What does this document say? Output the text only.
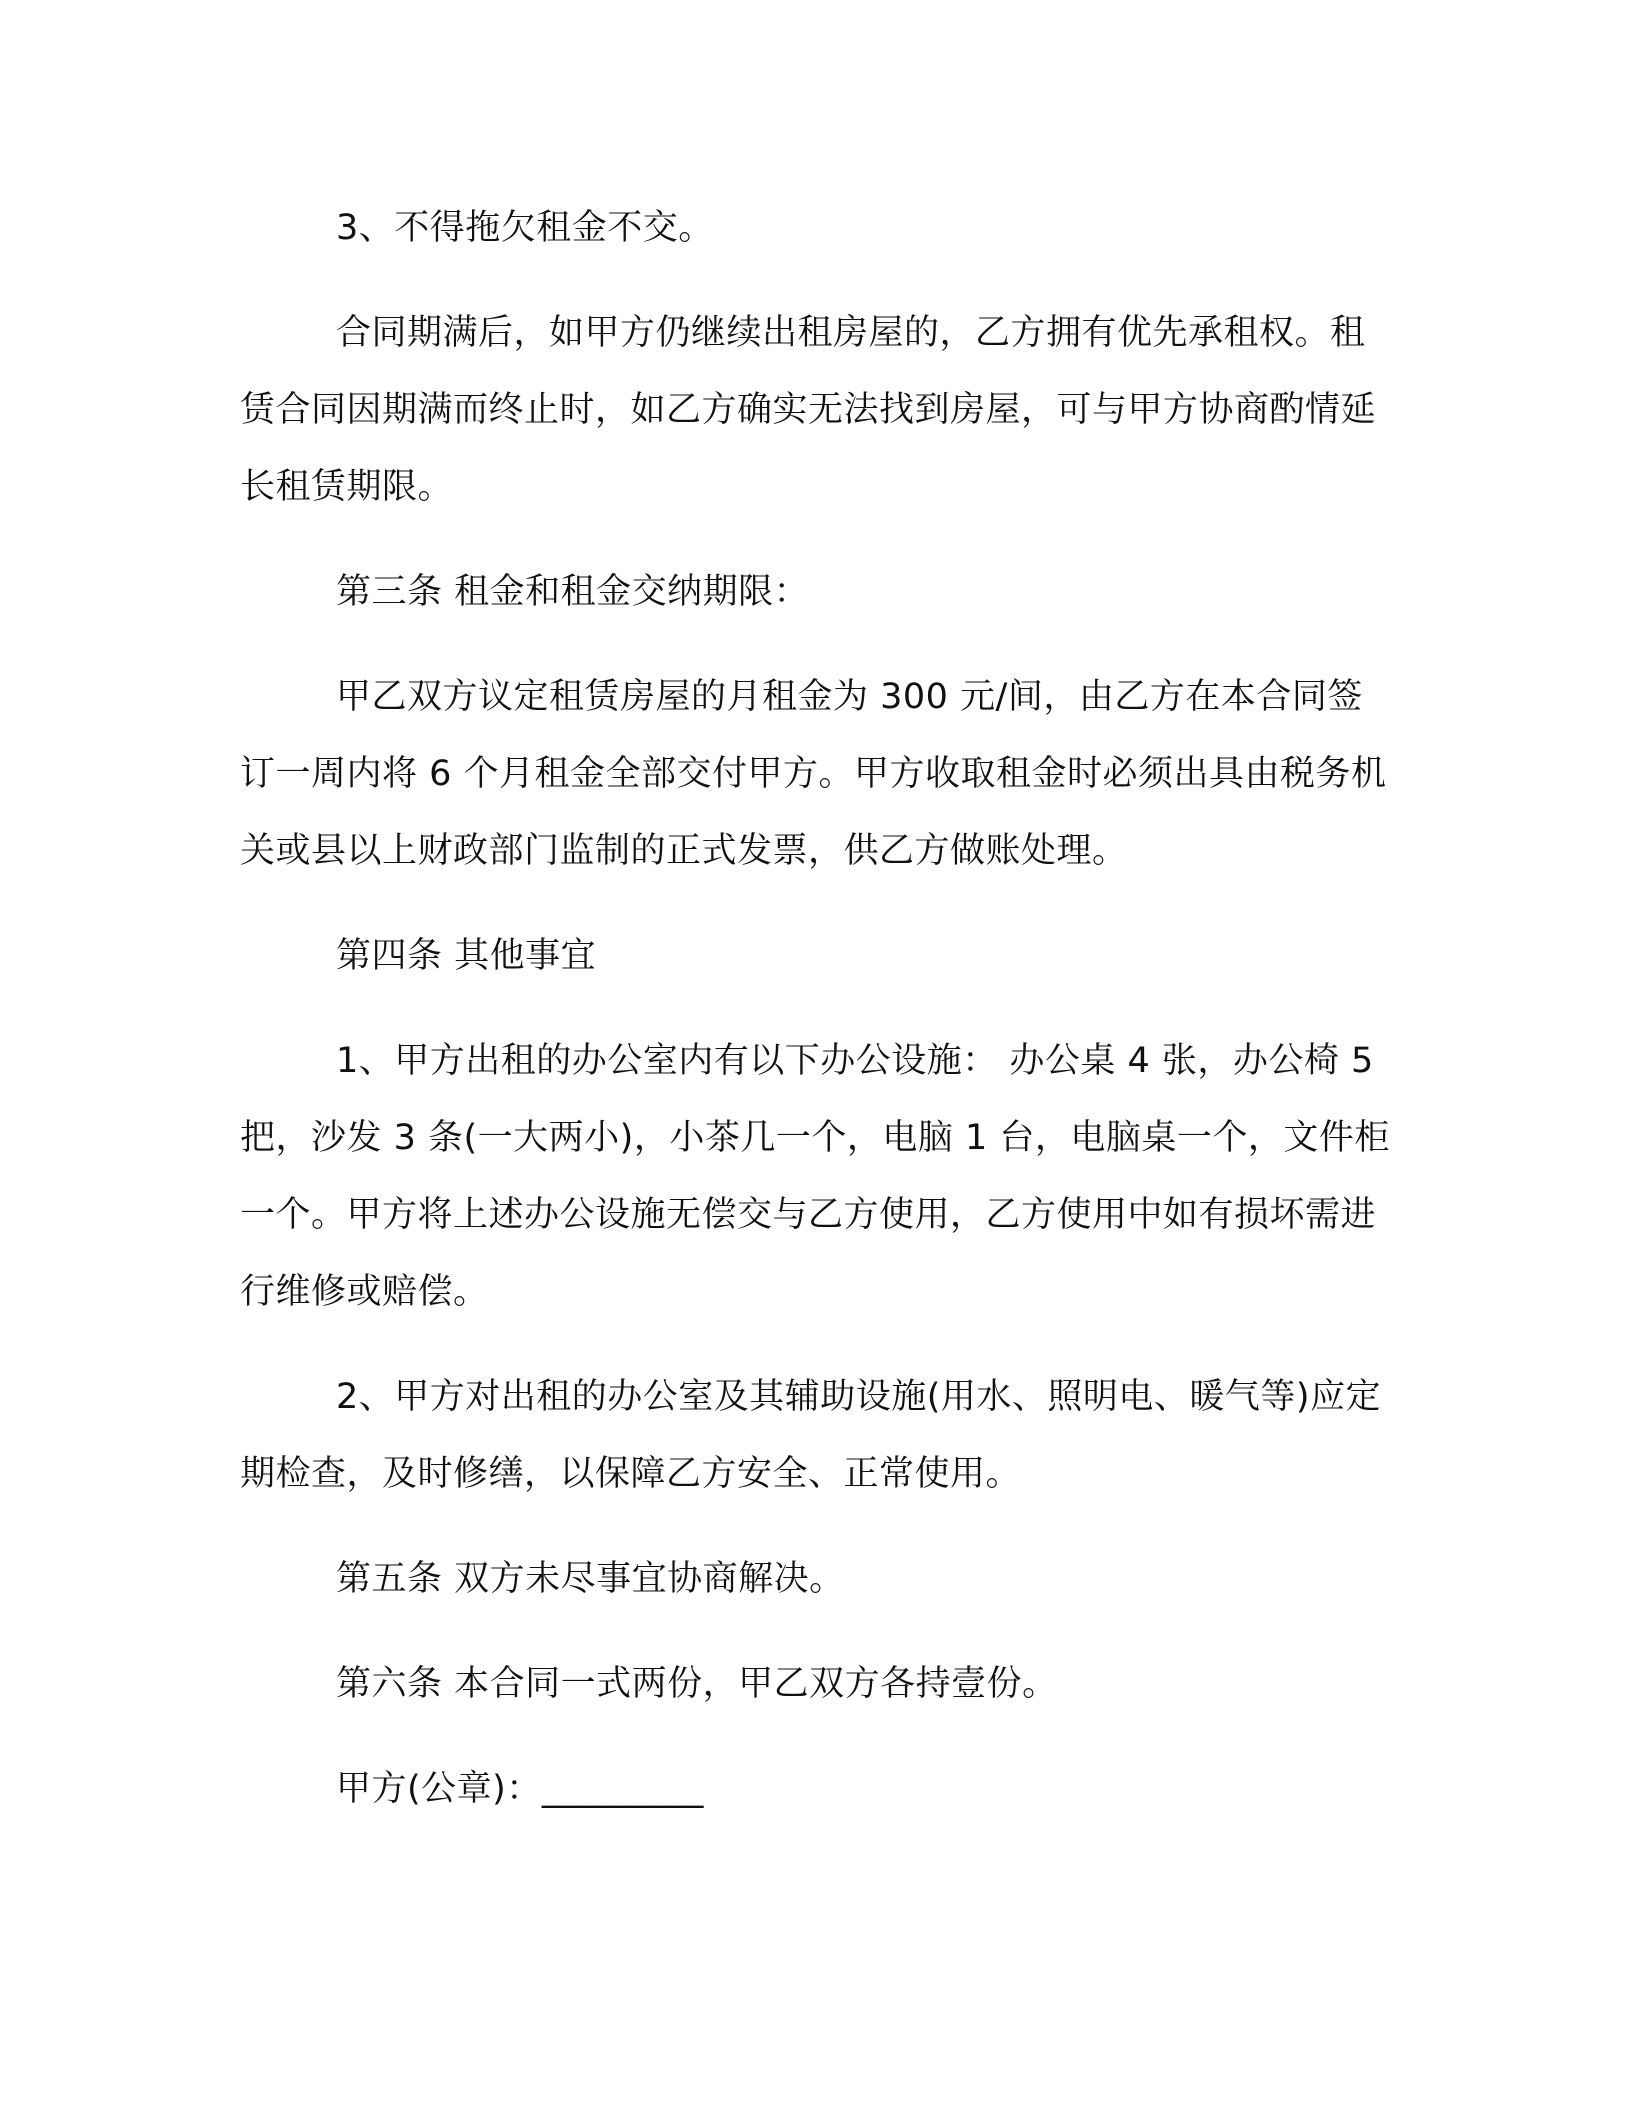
3、不得拖欠租金不交。

合同期满后，如甲方仍继续出租房屋的，乙方拥有优先承租权。租赁合同因期满而终止时，如乙方确实无法找到房屋，可与甲方协商酌情延长租赁期限。

第三条 租金和租金交纳期限：

甲乙双方议定租赁房屋的月租金为 300 元/间，由乙方在本合同签订一周内将 6 个月租金全部交付甲方。甲方收取租金时必须出具由税务机关或县以上财政部门监制的正式发票，供乙方做账处理。

第四条 其他事宜

1、甲方出租的办公室内有以下办公设施： 办公桌 4 张，办公椅 5 把，沙发 3 条(一大两小)，小茶几一个，电脑 1 台，电脑桌一个，文件柜一个。甲方将上述办公设施无偿交与乙方使用，乙方使用中如有损坏需进行维修或赔偿。

2、甲方对出租的办公室及其辅助设施(用水、照明电、暖气等)应定期检查，及时修缮，以保障乙方安全、正常使用。

第五条 双方未尽事宜协商解决。

第六条 本合同一式两份，甲乙双方各持壹份。

甲方(公章)：_________
